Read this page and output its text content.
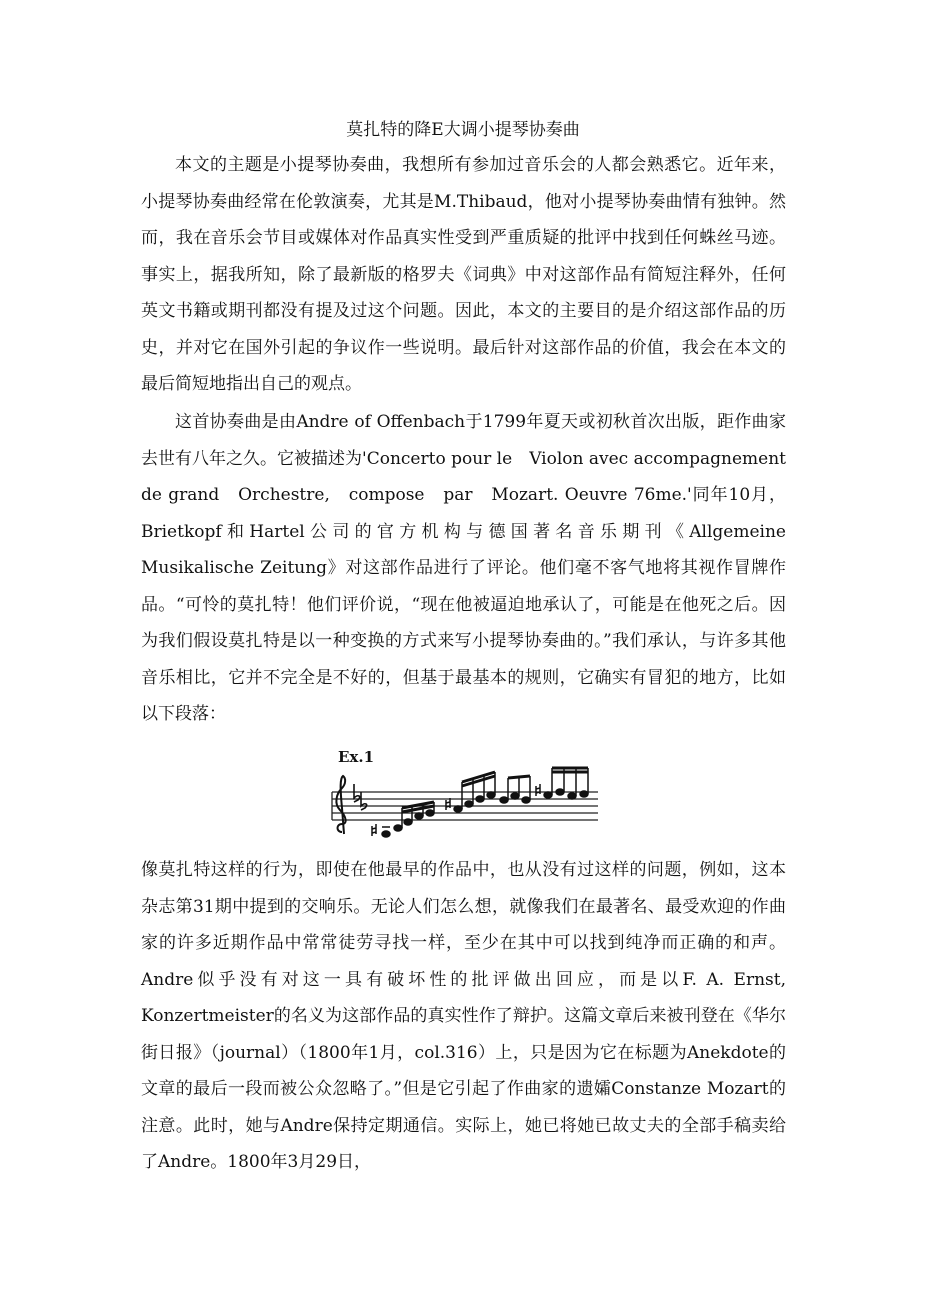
莫扎特的降E大调小提琴协奏曲

本文的主题是小提琴协奏曲，我想所有参加过音乐会的人都会熟悉它。近年来，小提琴协奏曲经常在伦敦演奏，尤其是M.Thibaud，他对小提琴协奏曲情有独钟。然而，我在音乐会节目或媒体对作品真实性受到严重质疑的批评中找到任何蛛丝马迹。事实上，据我所知，除了最新版的格罗夫《词典》中对这部作品有简短注释外，任何英文书籍或期刊都没有提及过这个问题。因此，本文的主要目的是介绍这部作品的历史，并对它在国外引起的争议作一些说明。最后针对这部作品的价值，我会在本文的最后简短地指出自己的观点。

这首协奏曲是由Andre of Offenbach于1799年夏天或初秋首次出版，距作曲家去世有八年之久。它被描述为'Concerto pour le　Violon avec accompagnement de grand　Orchestre,　compose　par　Mozart. Oeuvre 76me.'同年10月，Brietkopf和Hartel公司的官方机构与德国著名音乐期刊《Allgemeine Musikalische Zeitung》对这部作品进行了评论。他们毫不客气地将其视作冒牌作品。“可怜的莫扎特！他们评价说，“现在他被逼迫地承认了，可能是在他死之后。因为我们假设莫扎特是以一种变换的方式来写小提琴协奏曲的。”我们承认，与许多其他音乐相比，它并不完全是不好的，但基于最基本的规则，它确实有冒犯的地方，比如以下段落：

Ex.1

像莫扎特这样的行为，即使在他最早的作品中，也从没有过这样的问题，例如，这本杂志第31期中提到的交响乐。无论人们怎么想，就像我们在最著名、最受欢迎的作曲家的许多近期作品中常常徒劳寻找一样，至少在其中可以找到纯净而正确的和声。Andre似乎没有对这一具有破坏性的批评做出回应，而是以F. A. Ernst, Konzertmeister的名义为这部作品的真实性作了辩护。这篇文章后来被刊登在《华尔街日报》（journal）（1800年1月，col.316）上，只是因为它在标题为Anekdote的文章的最后一段而被公众忽略了。”但是它引起了作曲家的遗孀Constanze Mozart的注意。此时，她与Andre保持定期通信。实际上，她已将她已故丈夫的全部手稿卖给了Andre。1800年3月29日，
